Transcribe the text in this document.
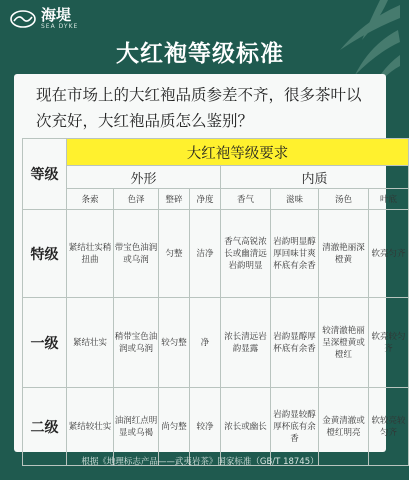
海堤
SEA DYKE
大红袍等级标准
现在市场上的大红袍品质参差不齐，很多茶叶以次充好，大红袍品质怎么鉴别？
等级	大红袍等级要求							
	外形				内质			
	条索	色泽	整碎	净度	香气	滋味	汤色	叶底
特级	紧结壮实稍扭曲	带宝色油润或乌润	匀整	洁净	香气高锐浓长或幽清远岩韵明显	岩韵明显醇厚回味甘爽杯底有余香	清澈艳丽深橙黄	软亮匀齐
一级	紧结壮实	稍带宝色油润或乌润	较匀整	净	浓长清远岩韵显露	岩韵显醇厚杯底有余香	较清澈艳丽呈深橙黄或橙红	软亮较匀齐
二级	紧结较壮实	油润红点明显或乌褐	尚匀整	较净	浓长或幽长	岩韵显较醇厚杯底有余香	金黄清澈或橙红明亮	软较亮较匀齐
根据《地理标志产品——武夷岩茶》国家标准（GB/T 18745）
